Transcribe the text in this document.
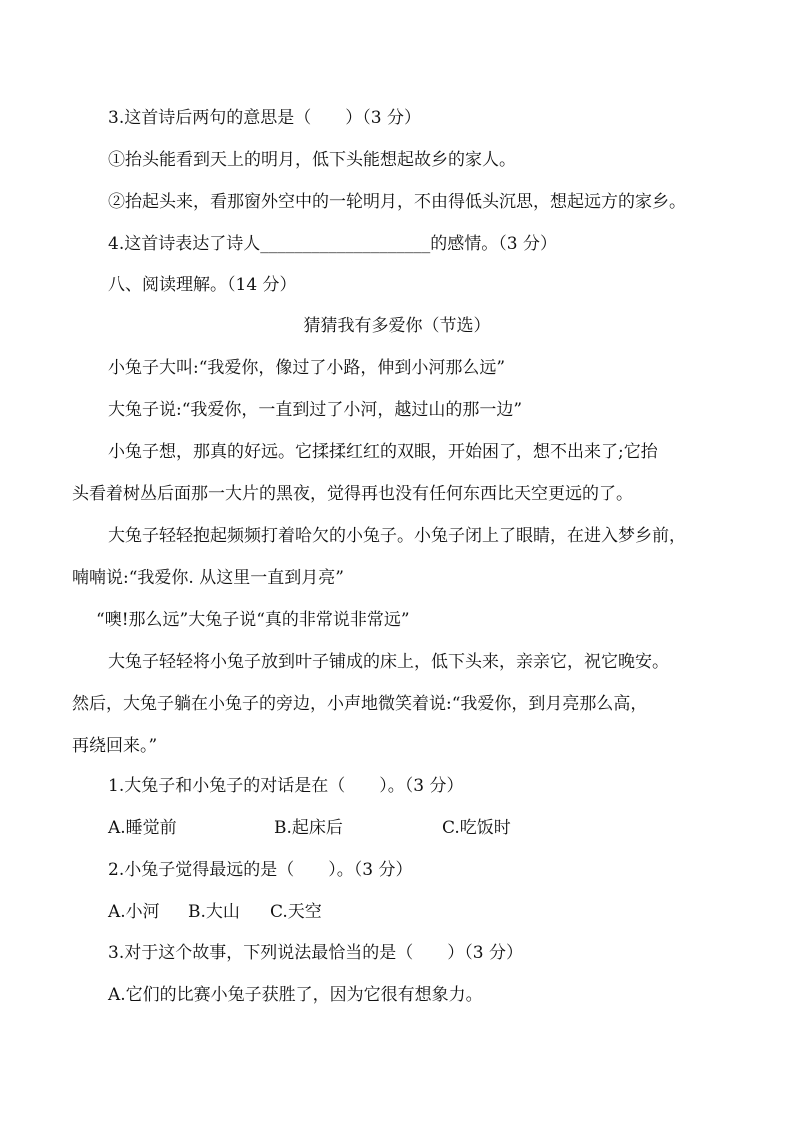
3.这首诗后两句的意思是（　　）（3 分）
①抬头能看到天上的明月，低下头能想起故乡的家人。
②抬起头来，看那窗外空中的一轮明月，不由得低头沉思，想起远方的家乡。
4.这首诗表达了诗人____________________的感情。（3 分）
八、阅读理解。（14 分）
猜猜我有多爱你（节选）
小兔子大叫:“我爱你，像过了小路，伸到小河那么远”
大兔子说:“我爱你，一直到过了小河，越过山的那一边”
小兔子想，那真的好远。它揉揉红红的双眼，开始困了，想不出来了;它抬
头看着树丛后面那一大片的黑夜，觉得再也没有任何东西比天空更远的了。
大兔子轻轻抱起频频打着哈欠的小兔子。小兔子闭上了眼睛，在进入梦乡前，
喃喃说:“我爱你. 从这里一直到月亮”
“噢!那么远”大兔子说“真的非常说非常远”
大兔子轻轻将小兔子放到叶子铺成的床上，低下头来，亲亲它，祝它晚安。
然后，大兔子躺在小兔子的旁边，小声地微笑着说:“我爱你，到月亮那么高，
再绕回来。”
1.大兔子和小兔子的对话是在（　　）。（3 分）
A.睡觉前	B.起床后	C.吃饭时
2.小兔子觉得最远的是（　　）。（3 分）
A.小河 B.大山 C.天空
3.对于这个故事，下列说法最恰当的是（　　）（3 分）
A.它们的比赛小兔子获胜了，因为它很有想象力。
